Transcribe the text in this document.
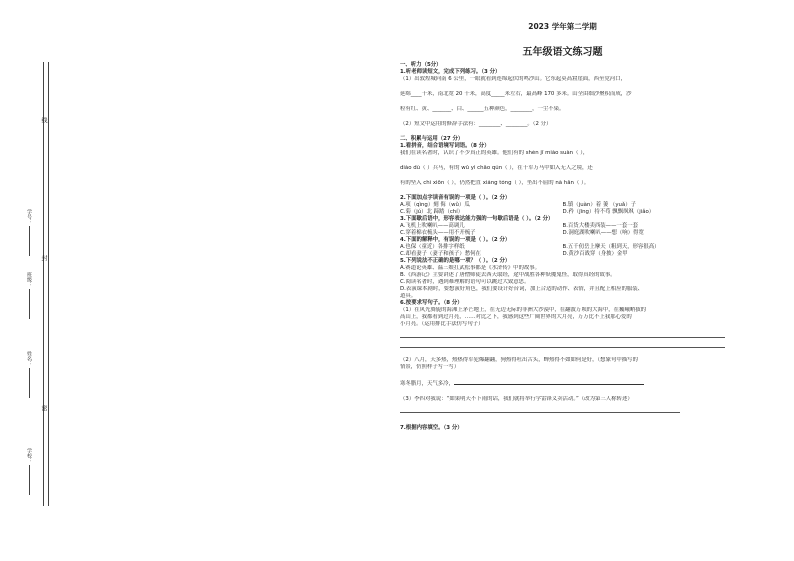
线
封
密
学号：
班级：
姓名：
学校：
2023 学年第二学期
五年级语文练习题
一、听力（5分）
1.听老师读短文，完成下列练习。（3 分）

（1）出敦煌城向南 6 公里，一眼就看到连绵起伏的鸣沙山。它东起莫高窟崖面，西至党河口，

延绵____千米，南北宽 20 千米，高度_____米左右，最高峰 170 多米。山全由细沙聚积而成，沙

粒有红、黄、_______、白、______五种颜色，________，一尘不染。

（2）短文中运用的修辞手法有：________、________。（2 分）

二、积累与运用（27 分）
1.看拼音，结合语境写词语。（8 分）

我们在读名著时，认识了不少真正的英雄。他们有的 shén jī miào suàn（ ），

diào dù（ ）兵马，有的 wǔ yì chāo qún（ ），在千军万马中如入无人之境，还

有的坚入 chì xiōn（ ），仍然把直 xiáng tóng（ ），坐出不屈的 nà hǎn（ ）。

2.下面加点字读音有误的一项是（ ）。（2 分）
A.项（qìng）刻 侮（wǔ）瓜	B.镇（juàn）着 萋 （yuǎ）子
C.菊（jú）北 蹄踏（chí）	D.矜（jīng）持不苟 飘飘飒飒（jiǎo）
3.下面歇后语中，形容表达能力强的一句歇后语是（ ）。（2 分）
A.飞机上吹喇叭——高调儿	B.百货大楼卖西装——一套一套
C.穿着棉衣梳头——用不开梳子	D.洞庭湖吹喇叭——想（响）得宽
4.下面的解释中，有误的一项是（ ）。（2 分）
A.也保（童近）各排字样纸	B.五千仞岳上摩天（粗到天，形容很高）
C.却看妻子（妻子和孩子）愁何在	D.黄沙百战穿（身披）金甲
5.下列说法不正确的是哪一项？（ ）。（2 分）

A.赛道论英雄、温三娘扛武松事都是《水浒传》中的故事。

B.《西游记》主要讲述了唐僧师徒去西天取经，途中战胜各种妖魔鬼怪，取得真经的故事。

C.阅读名著时，遇到难理解的语句可以跳过大致意思。

D.表演课本剧时，要想演好角色，我们要设计好台词，加上合适的动作、表情，并且配上相应的服装、

道具。

6.按要求写句子。（8 分）

（1）在风光旖旎的海滩上茅芒地上，在无边无际的非洲大沙漠中，在翻波万顷的大海中，在巍峨峭拔的

高山上，我都看到过月亮，……对比之下，我感到这些广阔世界的大月亮，万万比不上我那心爱的

小月亮。（运用排比手法仿写句子）

（2）八月，天多热，热热得军犯爆翻翻，狗热得吐出舌头，蝉热得不如如何是好，（想象句中描写的

情景，仿照样子写一写）

寒冬腊月，天气多冷，

（3）李四对我说：“如果明天不下雨的话，我们就将举行学雷锋义卖活动。”（改为第三人称转述）

7.根据内容填空。（3 分）
